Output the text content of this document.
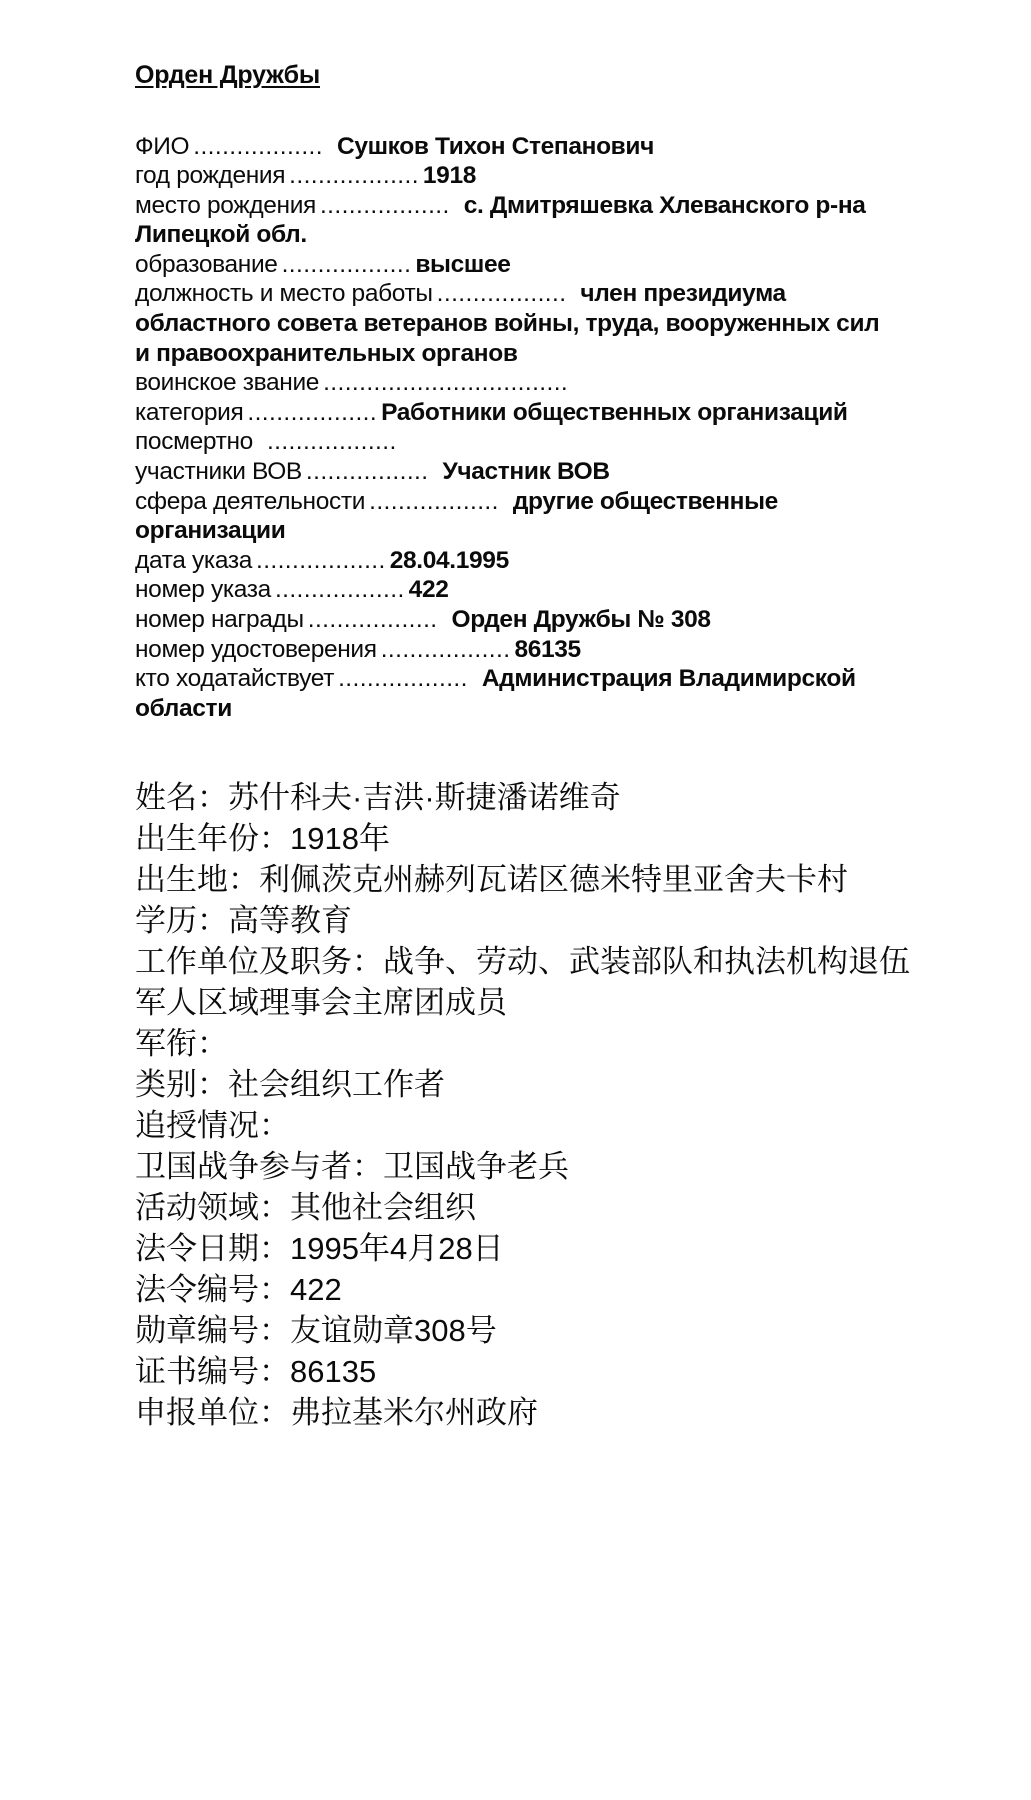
Орден Дружбы

ФИО .................. Сушков Тихон Степанович

год рождения .................. 1918

место рождения .................. с. Дмитряшевка Хлеванского р-на Липецкой обл.

образование .................. высшее

должность и место работы .................. член президиума областного совета ветеранов войны, труда, вооруженных сил и правоохранительных органов

воинское звание ..................................

категория .................. Работники общественных организаций

посмертно ..................

участники ВОВ ................. Участник ВОВ

сфера деятельности .................. другие общественные организации

дата указа .................. 28.04.1995

номер указа .................. 422

номер награды .................. Орден Дружбы № 308

номер удостоверения .................. 86135

кто ходатайствует .................. Администрация Владимирской области

姓名：苏什科夫·吉洪·斯捷潘诺维奇

出生年份：1918年

出生地：利佩茨克州赫列瓦诺区德米特里亚舍夫卡村

学历：高等教育

工作单位及职务：战争、劳动、武装部队和执法机构退伍军人区域理事会主席团成员

军衔：

类别：社会组织工作者

追授情况：

卫国战争参与者：卫国战争老兵

活动领域：其他社会组织

法令日期：1995年4月28日

法令编号：422

勋章编号：友谊勋章308号

证书编号：86135

申报单位：弗拉基米尔州政府
